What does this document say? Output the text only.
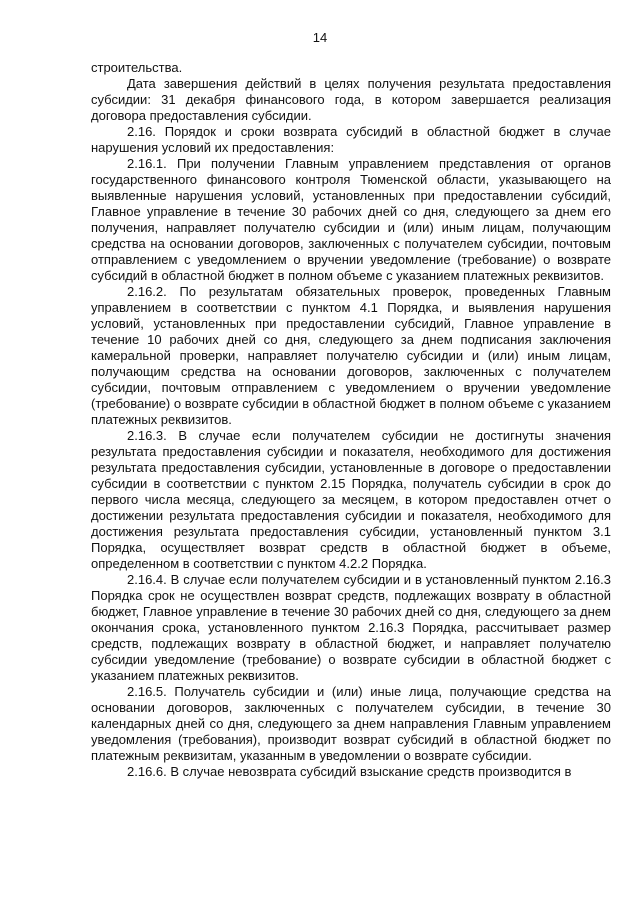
14

строительства.

Дата завершения действий в целях получения результата предоставления субсидии: 31 декабря финансового года, в котором завершается реализация договора предоставления субсидии.

2.16. Порядок и сроки возврата субсидий в областной бюджет в случае нарушения условий их предоставления:

2.16.1. При получении Главным управлением представления от органов государственного финансового контроля Тюменской области, указывающего на выявленные нарушения условий, установленных при предоставлении субсидий, Главное управление в течение 30 рабочих дней со дня, следующего за днем его получения, направляет получателю субсидии и (или) иным лицам, получающим средства на основании договоров, заключенных с получателем субсидии, почтовым отправлением с уведомлением о вручении уведомление (требование) о возврате субсидий в областной бюджет в полном объеме с указанием платежных реквизитов.

2.16.2. По результатам обязательных проверок, проведенных Главным управлением в соответствии с пунктом 4.1 Порядка, и выявления нарушения условий, установленных при предоставлении субсидий, Главное управление в течение 10 рабочих дней со дня, следующего за днем подписания заключения камеральной проверки, направляет получателю субсидии и (или) иным лицам, получающим средства на основании договоров, заключенных с получателем субсидии, почтовым отправлением с уведомлением о вручении уведомление (требование) о возврате субсидии в областной бюджет в полном объеме с указанием платежных реквизитов.

2.16.3. В случае если получателем субсидии не достигнуты значения результата предоставления субсидии и показателя, необходимого для достижения результата предоставления субсидии, установленные в договоре о предоставлении субсидии в соответствии с пунктом 2.15 Порядка, получатель субсидии в срок до первого числа месяца, следующего за месяцем, в котором предоставлен отчет о достижении результата предоставления субсидии и показателя, необходимого для достижения результата предоставления субсидии, установленный пунктом 3.1 Порядка, осуществляет возврат средств в областной бюджет в объеме, определенном в соответствии с пунктом 4.2.2 Порядка.

2.16.4. В случае если получателем субсидии и в установленный пунктом 2.16.3 Порядка срок не осуществлен возврат средств, подлежащих возврату в областной бюджет, Главное управление в течение 30 рабочих дней со дня, следующего за днем окончания срока, установленного пунктом 2.16.3 Порядка, рассчитывает размер средств, подлежащих возврату в областной бюджет, и направляет получателю субсидии уведомление (требование) о возврате субсидии в областной бюджет с указанием платежных реквизитов.

2.16.5. Получатель субсидии и (или) иные лица, получающие средства на основании договоров, заключенных с получателем субсидии, в течение 30 календарных дней со дня, следующего за днем направления Главным управлением уведомления (требования), производит возврат субсидий в областной бюджет по платежным реквизитам, указанным в уведомлении о возврате субсидии.

2.16.6. В случае невозврата субсидий взыскание средств производится в
